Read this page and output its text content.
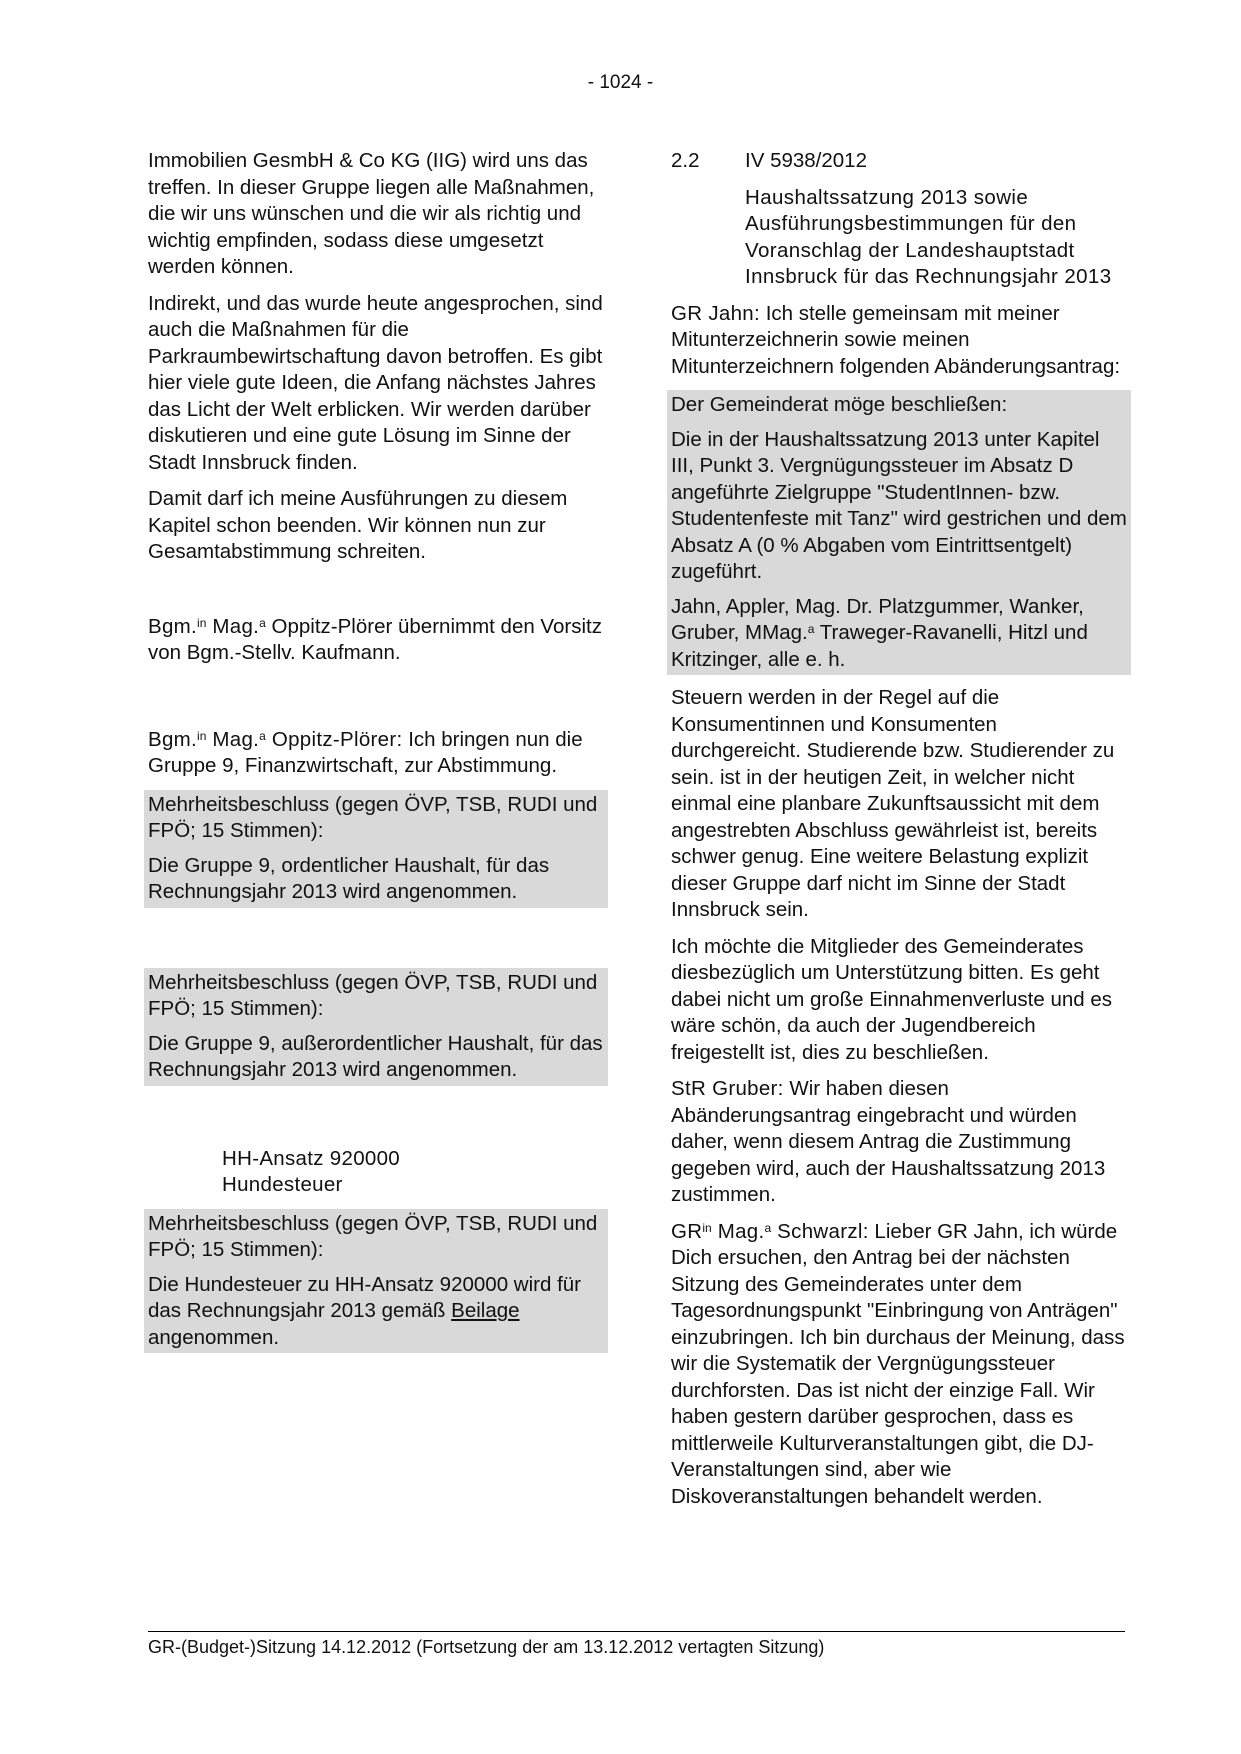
- 1024 -

Immobilien GesmbH & Co KG (IIG) wird uns das treffen. In dieser Gruppe liegen alle Maßnahmen, die wir uns wünschen und die wir als richtig und wichtig empfinden, sodass diese umgesetzt werden können.

Indirekt, und das wurde heute angesprochen, sind auch die Maßnahmen für die Parkraumbewirtschaftung davon betroffen. Es gibt hier viele gute Ideen, die Anfang nächstes Jahres das Licht der Welt erblicken. Wir werden darüber diskutieren und eine gute Lösung im Sinne der Stadt Innsbruck finden.

Damit darf ich meine Ausführungen zu diesem Kapitel schon beenden. Wir können nun zur Gesamtabstimmung schreiten.

Bgm.$^{in}$ Mag.$^a$ Oppitz-Plörer übernimmt den Vorsitz von Bgm.-Stellv. Kaufmann.

Bgm.$^{in}$ Mag.$^a$ Oppitz-Plörer: Ich bringen nun die Gruppe 9, Finanzwirtschaft, zur Abstimmung.

Mehrheitsbeschluss (gegen ÖVP, TSB, RUDI und FPÖ; 15 Stimmen):

Die Gruppe 9, ordentlicher Haushalt, für das Rechnungsjahr 2013 wird angenommen.

Mehrheitsbeschluss (gegen ÖVP, TSB, RUDI und FPÖ; 15 Stimmen):

Die Gruppe 9, außerordentlicher Haushalt, für das Rechnungsjahr 2013 wird angenommen.

HH-Ansatz 920000
Hundesteuer

Mehrheitsbeschluss (gegen ÖVP, TSB, RUDI und FPÖ; 15 Stimmen):

Die Hundesteuer zu HH-Ansatz 920000 wird für das Rechnungsjahr 2013 gemäß Beilage angenommen.

2.2	IV 5938/2012
Haushaltssatzung 2013 sowie Ausführungsbestimmungen für den Voranschlag der Landeshauptstadt Innsbruck für das Rechnungsjahr 2013

GR Jahn: Ich stelle gemeinsam mit meiner Mitunterzeichnerin sowie meinen Mitunterzeichnern folgenden Abänderungsantrag:

Der Gemeinderat möge beschließen:

Die in der Haushaltssatzung 2013 unter Kapitel III, Punkt 3. Vergnügungssteuer im Absatz D angeführte Zielgruppe "StudentInnen- bzw. Studentenfeste mit Tanz" wird gestrichen und dem Absatz A (0 % Abgaben vom Eintrittsentgelt) zugeführt.

Jahn, Appler, Mag. Dr. Platzgummer, Wanker, Gruber, MMag.$^a$ Traweger-Ravanelli, Hitzl und Kritzinger, alle e. h.

Steuern werden in der Regel auf die Konsumentinnen und Konsumenten durchgereicht. Studierende bzw. Studierender zu sein. ist in der heutigen Zeit, in welcher nicht einmal eine planbare Zukunftsaussicht mit dem angestrebten Abschluss gewährleist ist, bereits schwer genug. Eine weitere Belastung explizit dieser Gruppe darf nicht im Sinne der Stadt Innsbruck sein.

Ich möchte die Mitglieder des Gemeinderates diesbezüglich um Unterstützung bitten. Es geht dabei nicht um große Einnahmenverluste und es wäre schön, da auch der Jugendbereich freigestellt ist, dies zu beschließen.

StR Gruber: Wir haben diesen Abänderungsantrag eingebracht und würden daher, wenn diesem Antrag die Zustimmung gegeben wird, auch der Haushaltssatzung 2013 zustimmen.

$GR^{in}$ Mag.$^a$ Schwarzl: Lieber GR Jahn, ich würde Dich ersuchen, den Antrag bei der nächsten Sitzung des Gemeinderates unter dem Tagesordnungspunkt "Einbringung von Anträgen" einzubringen. Ich bin durchaus der Meinung, dass wir die Systematik der Vergnügungssteuer durchforsten. Das ist nicht der einzige Fall. Wir haben gestern darüber gesprochen, dass es mittlerweile Kulturveranstaltungen gibt, die DJ-Veranstaltungen sind, aber wie Diskoveranstaltungen behandelt werden.

GR-(Budget-)Sitzung 14.12.2012 (Fortsetzung der am 13.12.2012 vertagten Sitzung)
